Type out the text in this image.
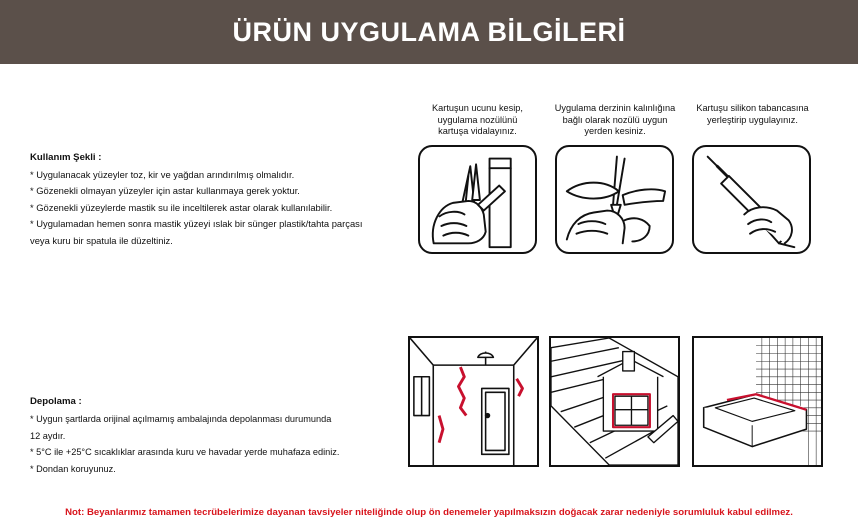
ÜRÜN UYGULAMA BİLGİLERİ
Kullanım Şekli :
* Uygulanacak yüzeyler toz, kir ve yağdan arındırılmış olmalıdır.
* Gözenekli olmayan yüzeyler için astar kullanmaya gerek yoktur.
* Gözenekli yüzeylerde mastik su ile inceltilerek astar olarak kullanılabilir.
* Uygulamadan hemen sonra mastik yüzeyi ıslak bir sünger plastik/tahta parçası
veya kuru bir spatula ile düzeltiniz.
Depolama :
* Uygun şartlarda orijinal açılmamış ambalajında depolanması durumunda
12 aydır.
* 5°C ile +25°C sıcaklıklar arasında kuru ve havadar yerde muhafaza ediniz.
* Dondan koruyunuz.
Kartuşun ucunu kesip,
uygulama nozülünü
kartuşa vidalayınız.
Uygulama derzinin kalınlığına
bağlı olarak nozülü uygun
yerden kesiniz.
Kartuşu silikon tabancasına
yerleştirip uygulayınız.
Not: Beyanlarımız tamamen tecrübelerimize dayanan tavsiyeler niteliğinde olup ön denemeler yapılmaksızın doğacak zarar nedeniyle sorumluluk kabul edilmez.
